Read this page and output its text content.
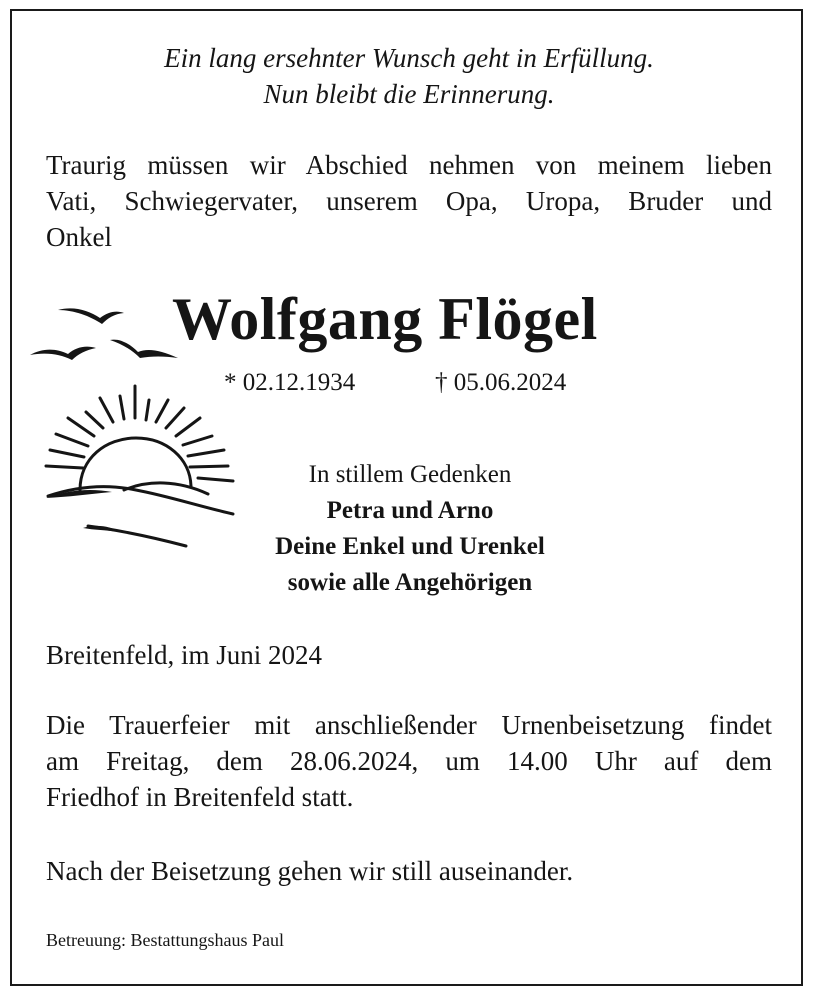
Ein lang ersehnter Wunsch geht in Erfüllung.

Nun bleibt die Erinnerung.

Traurig müssen wir Abschied nehmen von meinem lieben

Vati, Schwiegervater, unserem Opa, Uropa, Bruder und

Onkel

Wolfgang Flögel
* 02.12.1934	† 05.06.2024

In stillem Gedenken

Petra und Arno

Deine Enkel und Urenkel

sowie alle Angehörigen

Breitenfeld, im Juni 2024

Die Trauerfeier mit anschließender Urnenbeisetzung findet

am Freitag, dem 28.06.2024, um 14.00 Uhr auf dem

Friedhof in Breitenfeld statt.

Nach der Beisetzung gehen wir still auseinander.

Betreuung: Bestattungshaus Paul
